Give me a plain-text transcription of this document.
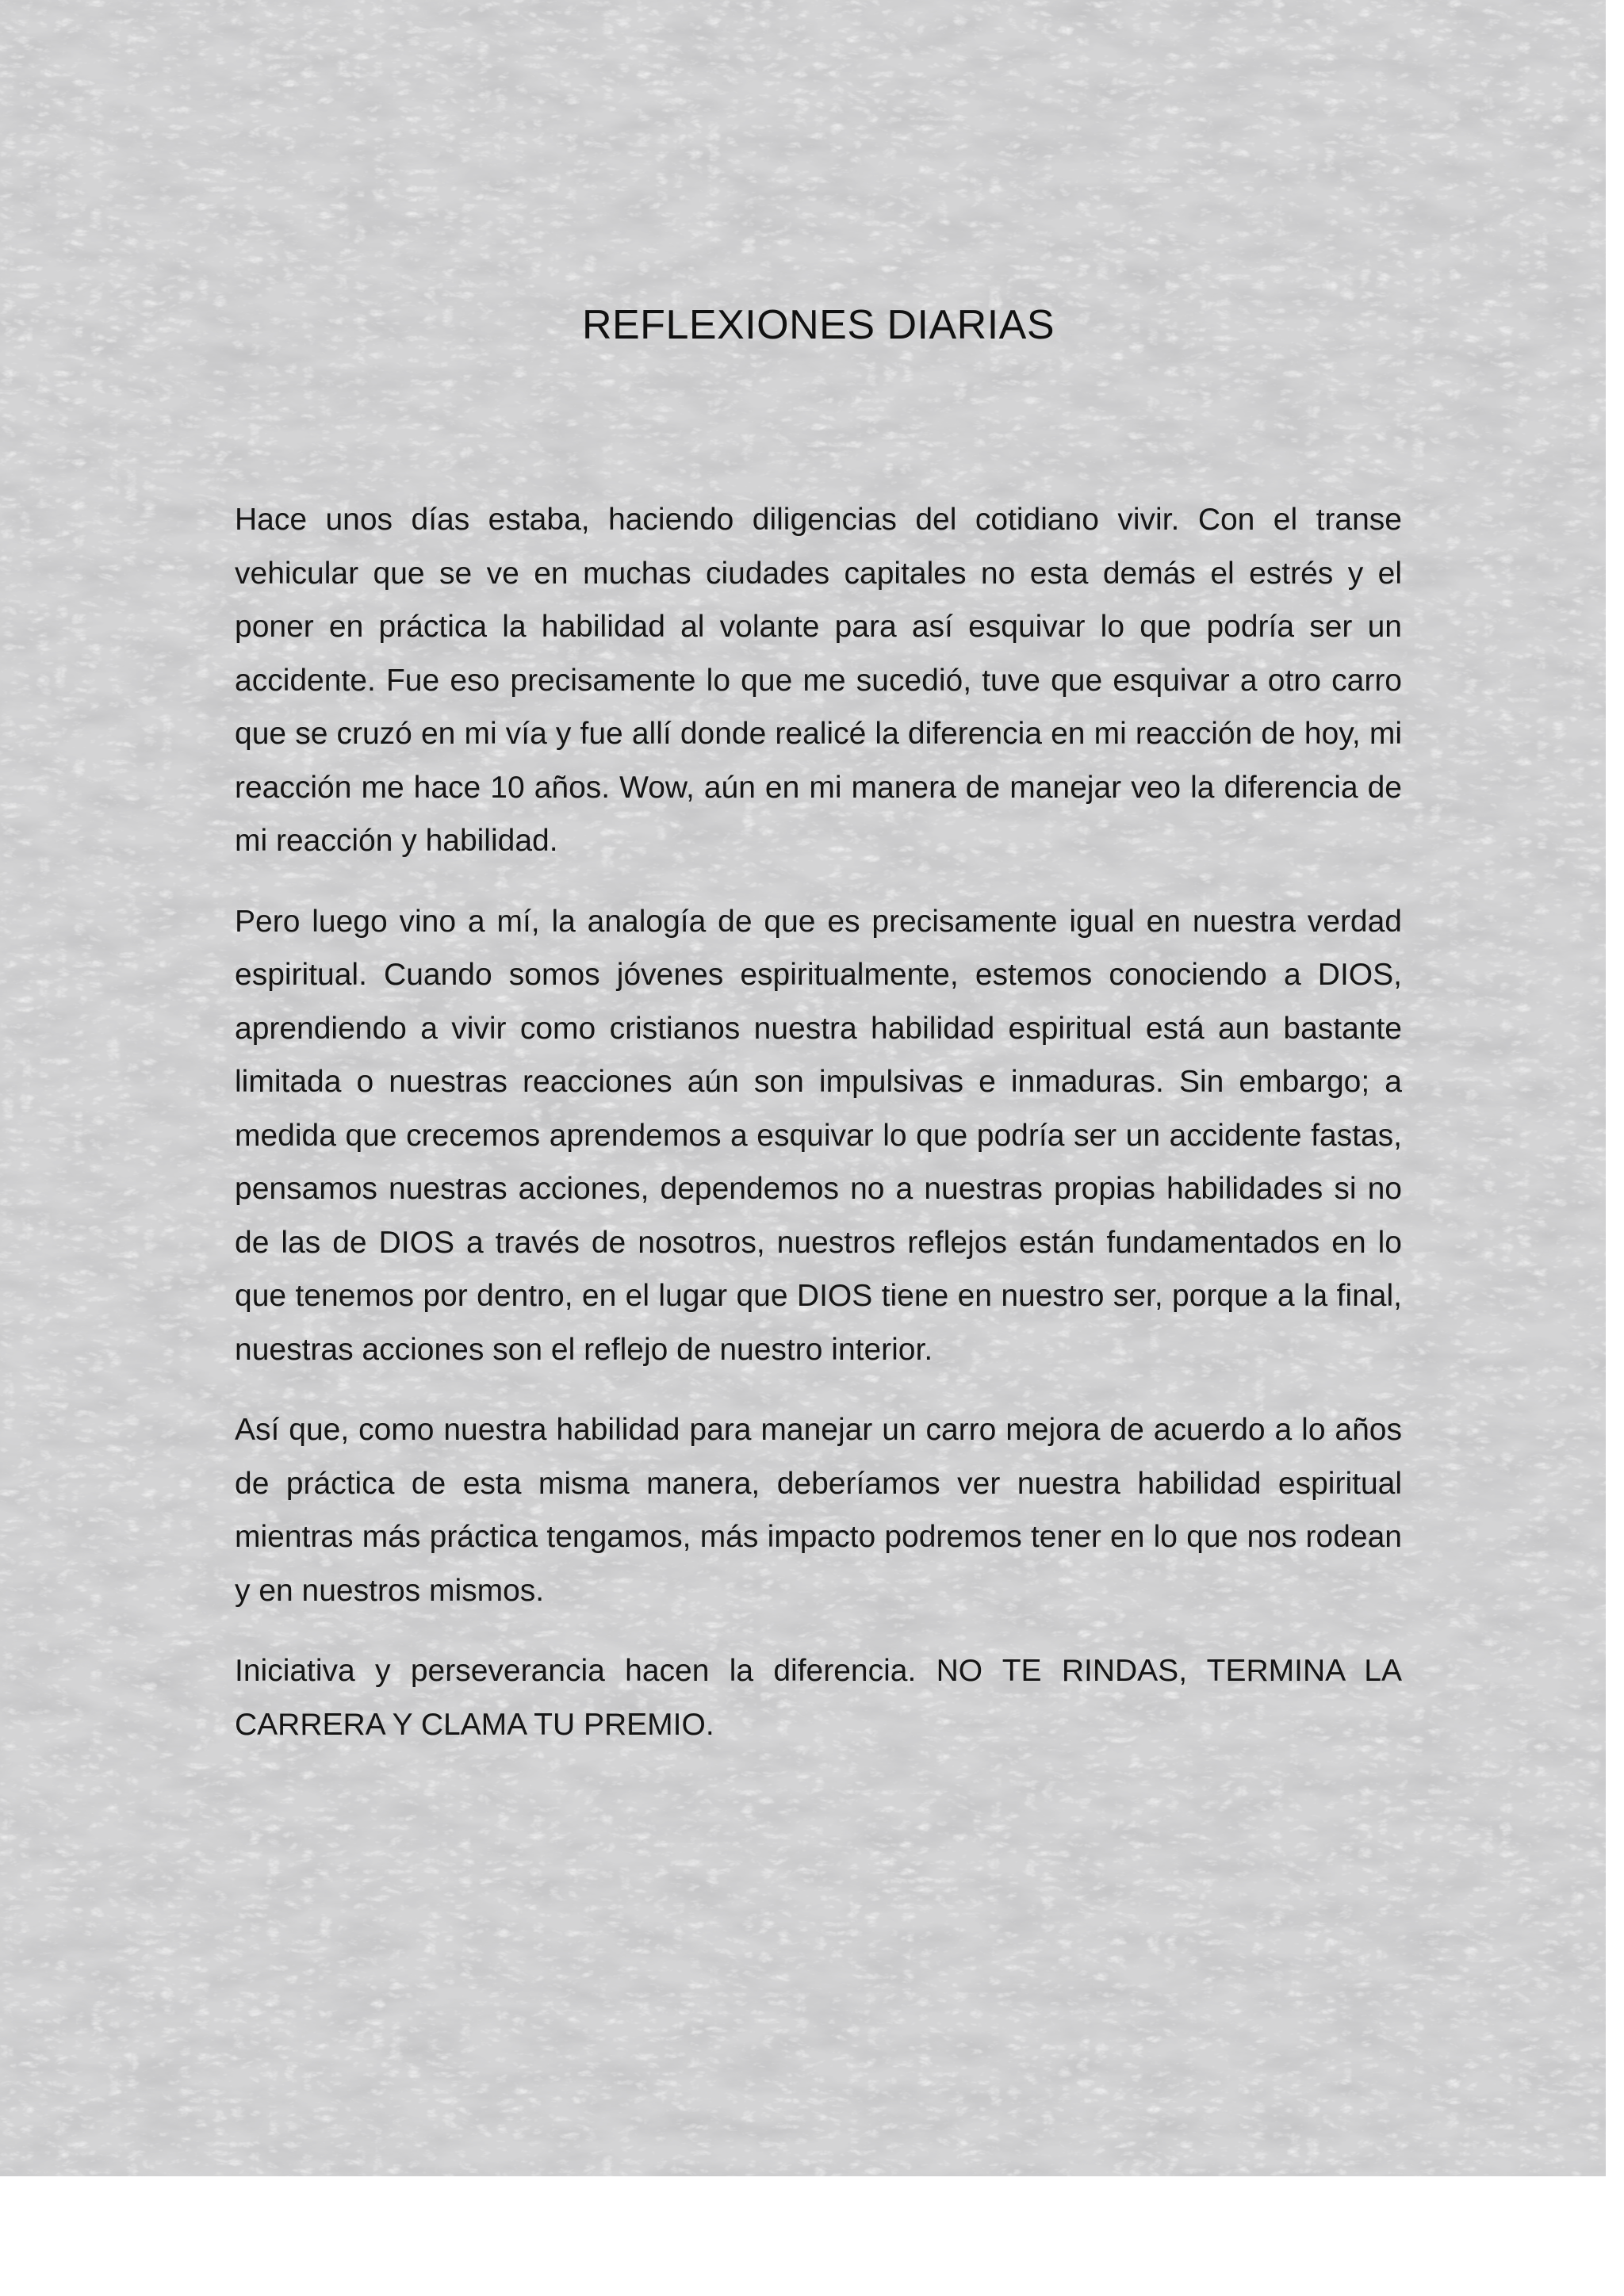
REFLEXIONES DIARIAS

Hace unos días estaba, haciendo diligencias del cotidiano vivir. Con el transe vehicular que se ve en muchas ciudades capitales no esta demás el estrés y el poner en práctica la habilidad al volante para así esquivar lo que podría ser un accidente. Fue eso precisamente lo que me sucedió, tuve que esquivar a otro carro que se cruzó en mi vía y fue allí donde realicé la diferencia en mi reacción de hoy, mi reacción me hace 10 años. Wow, aún en mi manera de manejar veo la diferencia de mi reacción y habilidad.

Pero luego vino a mí, la analogía de que es precisamente igual en nuestra verdad espiritual. Cuando somos jóvenes espiritualmente, estemos conociendo a DIOS, aprendiendo a vivir como cristianos nuestra habilidad espiritual está aun bastante limitada o nuestras reacciones aún son impulsivas e inmaduras. Sin embargo; a medida que crecemos aprendemos a esquivar lo que podría ser un accidente fastas, pensamos nuestras acciones, dependemos no a nuestras propias habilidades si no de las de DIOS a través de nosotros, nuestros reflejos están fundamentados en lo que tenemos por dentro, en el lugar que DIOS tiene en nuestro ser, porque a la final, nuestras acciones son el reflejo de nuestro interior.

Así que, como nuestra habilidad para manejar un carro mejora de acuerdo a lo años de práctica de esta misma manera, deberíamos ver nuestra habilidad espiritual mientras más práctica tengamos, más impacto podremos tener en lo que nos rodean y en nuestros mismos.

Iniciativa y perseverancia hacen la diferencia. NO TE RINDAS, TERMINA LA CARRERA Y CLAMA TU PREMIO.
